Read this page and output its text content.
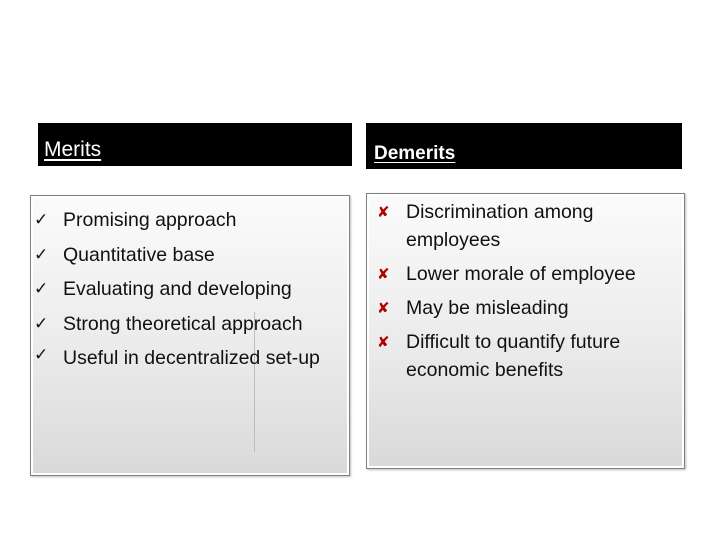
Merits	Demerits
✓ Promising approach
✓ Quantitative base
✓ Evaluating and developing
✓ Strong theoretical approach
✓ Useful in decentralized set-up
✘ Discrimination among employees
✘ Lower morale of employee
✘ May be misleading
✘ Difficult to quantify future economic benefits
